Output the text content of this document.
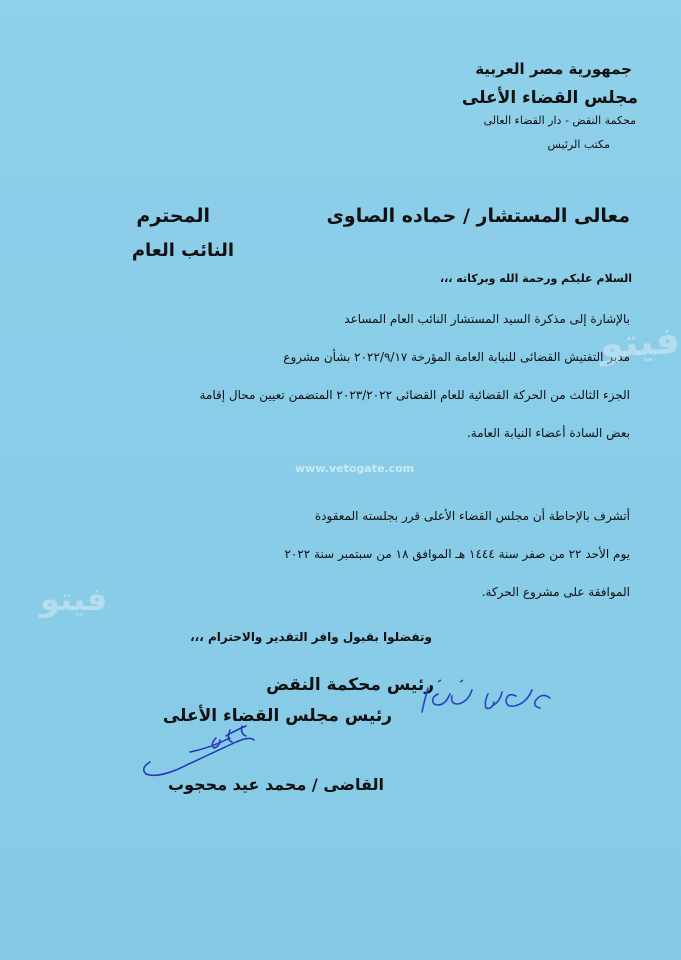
جمهورية مصر العربية
مجلس القضاء الأعلى
محكمة النقض - دار القضاء العالى
مكتب الرئيس
معالى المستشار / حماده الصاوى
المحترم
النائب العام
السلام عليكم ورحمة الله وبركاته ،،،

بالإشارة إلى مذكرة السيد المستشار النائب العام المساعد

مدير التفتيش القضائى للنيابة العامة المؤرخة ٢٠٢٢/٩/١٧ بشأن مشروع

الجزء الثالث من الحركة القضائية للعام القضائى ٢٠٢٣/٢٠٢٢ المتضمن تعيين محال إقامة

بعض السادة أعضاء النيابة العامة.

أتشرف بالإحاطة أن مجلس القضاء الأعلى قرر بجلسته المعقودة

يوم الأحد ٢٢ من صفر سنة ١٤٤٤ هـ الموافق ١٨ من سبتمبر سنة ٢٠٢٢

الموافقة على مشروع الحركة.

وتفضلوا بقبول وافر التقدير والاحترام ،،،
رئيس محكمة النقض
رئيس مجلس القضاء الأعلى
القاضى / محمد عيد محجوب
فيتو
فيتو
www.vetogate.com
